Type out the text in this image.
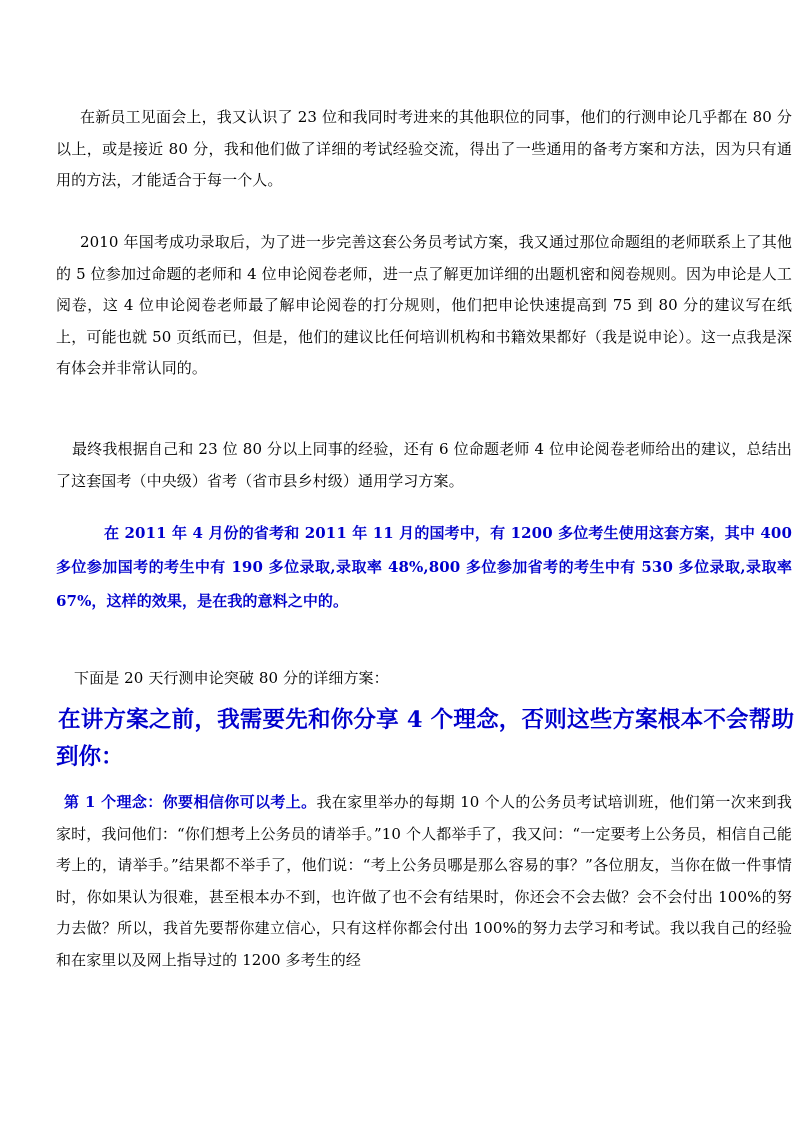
在新员工见面会上，我又认识了 23 位和我同时考进来的其他职位的同事，他们的行测申论几乎都在 80 分以上，或是接近 80 分，我和他们做了详细的考试经验交流，得出了一些通用的备考方案和方法，因为只有通用的方法，才能适合于每一个人。
2010 年国考成功录取后，为了进一步完善这套公务员考试方案，我又通过那位命题组的老师联系上了其他的 5 位参加过命题的老师和 4 位申论阅卷老师，进一点了解更加详细的出题机密和阅卷规则。因为申论是人工阅卷，这 4 位申论阅卷老师最了解申论阅卷的打分规则，他们把申论快速提高到 75 到 80 分的建议写在纸上，可能也就 50 页纸而已，但是，他们的建议比任何培训机构和书籍效果都好（我是说申论）。这一点我是深有体会并非常认同的。
最终我根据自己和 23 位 80 分以上同事的经验，还有 6 位命题老师 4 位申论阅卷老师给出的建议，总结出了这套国考（中央级）省考（省市县乡村级）通用学习方案。
在 2011 年 4 月份的省考和 2011 年 11 月的国考中，有 1200 多位考生使用这套方案，其中 400 多位参加国考的考生中有 190 多位录取,录取率 48%,800 多位参加省考的考生中有 530 多位录取,录取率 67%，这样的效果，是在我的意料之中的。
下面是 20 天行测申论突破 80 分的详细方案：
在讲方案之前，我需要先和你分享 4 个理念，否则这些方案根本不会帮助到你：
第 1 个理念：你要相信你可以考上。我在家里举办的每期 10 个人的公务员考试培训班，他们第一次来到我家时，我问他们：“你们想考上公务员的请举手。”10 个人都举手了，我又问：“一定要考上公务员，相信自己能考上的，请举手。”结果都不举手了，他们说：“考上公务员哪是那么容易的事？”各位朋友，当你在做一件事情时，你如果认为很难，甚至根本办不到，也许做了也不会有结果时，你还会不会去做？会不会付出 100%的努力去做？所以，我首先要帮你建立信心，只有这样你都会付出 100%的努力去学习和考试。我以我自己的经验和在家里以及网上指导过的 1200 多考生的经
